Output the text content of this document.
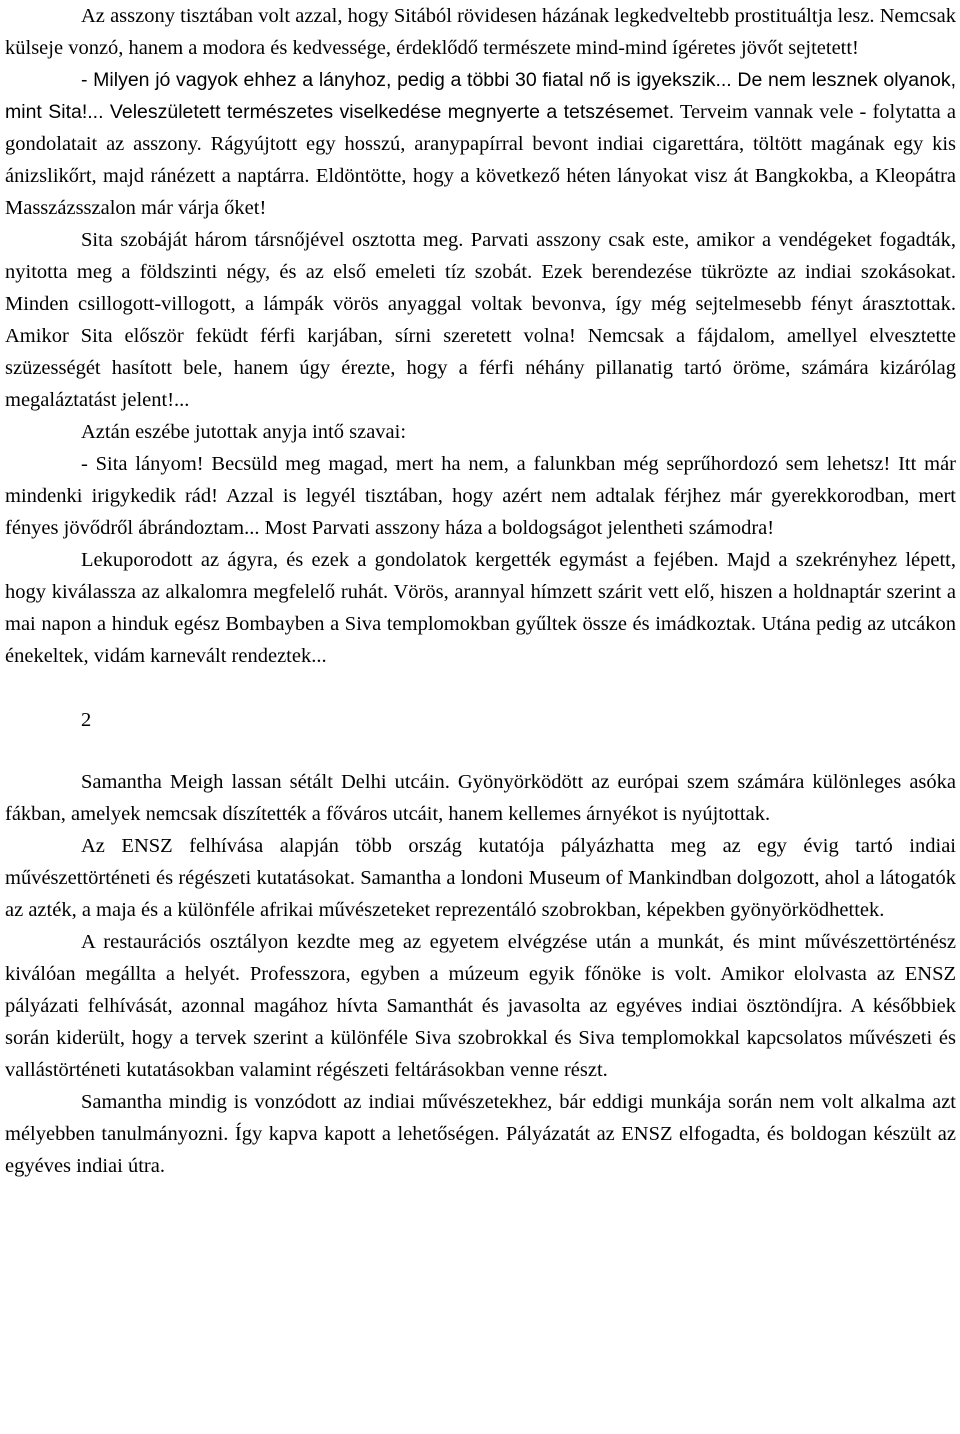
Az asszony tisztában volt azzal, hogy Sitából rövidesen házának legkedveltebb prostituáltja lesz. Nemcsak külseje vonzó, hanem a modora és kedvessége, érdeklődő természete mind-mind ígéretes jövőt sejtetett!

- Milyen jó vagyok ehhez a lányhoz, pedig a többi 30 fiatal nő is igyekszik... De nem lesznek olyanok, mint Sita!... Veleszületett természetes viselkedése megnyerte a tetszésemet. Terveim vannak vele - folytatta a gondolatait az asszony. Rágyújtott egy hosszú, aranypapírral bevont indiai cigarettára, töltött magának egy kis ánizslikőrt, majd ránézett a naptárra. Eldöntötte, hogy a következő héten lányokat visz át Bangkokba, a Kleopátra Masszázsszalon már várja őket!

Sita szobáját három társnőjével osztotta meg. Parvati asszony csak este, amikor a vendégeket fogadták, nyitotta meg a földszinti négy, és az első emeleti tíz szobát. Ezek berendezése tükrözte az indiai szokásokat. Minden csillogott-villogott, a lámpák vörös anyaggal voltak bevonva, így még sejtelmesebb fényt árasztottak. Amikor Sita először feküdt férfi karjában, sírni szeretett volna! Nemcsak a fájdalom, amellyel elvesztette szüzességét hasított bele, hanem úgy érezte, hogy a férfi néhány pillanatig tartó öröme, számára kizárólag megaláztatást jelent!...

Aztán eszébe jutottak anyja intő szavai:

- Sita lányom! Becsüld meg magad, mert ha nem, a falunkban még seprűhordozó sem lehetsz! Itt már mindenki irigykedik rád! Azzal is legyél tisztában, hogy azért nem adtalak férjhez már gyerekkorodban, mert fényes jövődről ábrándoztam... Most Parvati asszony háza a boldogságot jelentheti számodra!

Lekuporodott az ágyra, és ezek a gondolatok kergették egymást a fejében. Majd a szekrényhez lépett, hogy kiválassza az alkalomra megfelelő ruhát. Vörös, arannyal hímzett szárit vett elő, hiszen a holdnaptár szerint a mai napon a hinduk egész Bombayben a Siva templomokban gyűltek össze és imádkoztak. Utána pedig az utcákon énekeltek, vidám karnevált rendeztek...

2

Samantha Meigh lassan sétált Delhi utcáin. Gyönyörködött az európai szem számára különleges asóka fákban, amelyek nemcsak díszítették a főváros utcáit, hanem kellemes árnyékot is nyújtottak.

Az ENSZ felhívása alapján több ország kutatója pályázhatta meg az egy évig tartó indiai művészettörténeti és régészeti kutatásokat. Samantha a londoni Museum of Mankindban dolgozott, ahol a látogatók az azték, a maja és a különféle afrikai művészeteket reprezentáló szobrokban, képekben gyönyörködhettek.

A restaurációs osztályon kezdte meg az egyetem elvégzése után a munkát, és mint művészettörténész kiválóan megállta a helyét. Professzora, egyben a múzeum egyik főnöke is volt. Amikor elolvasta az ENSZ pályázati felhívását, azonnal magához hívta Samanthát és javasolta az egyéves indiai ösztöndíjra. A későbbiek során kiderült, hogy a tervek szerint a különféle Siva szobrokkal és Siva templomokkal kapcsolatos művészeti és vallástörténeti kutatásokban valamint régészeti feltárásokban venne részt.

Samantha mindig is vonzódott az indiai művészetekhez, bár eddigi munkája során nem volt alkalma azt mélyebben tanulmányozni. Így kapva kapott a lehetőségen. Pályázatát az ENSZ elfogadta, és boldogan készült az egyéves indiai útra.
